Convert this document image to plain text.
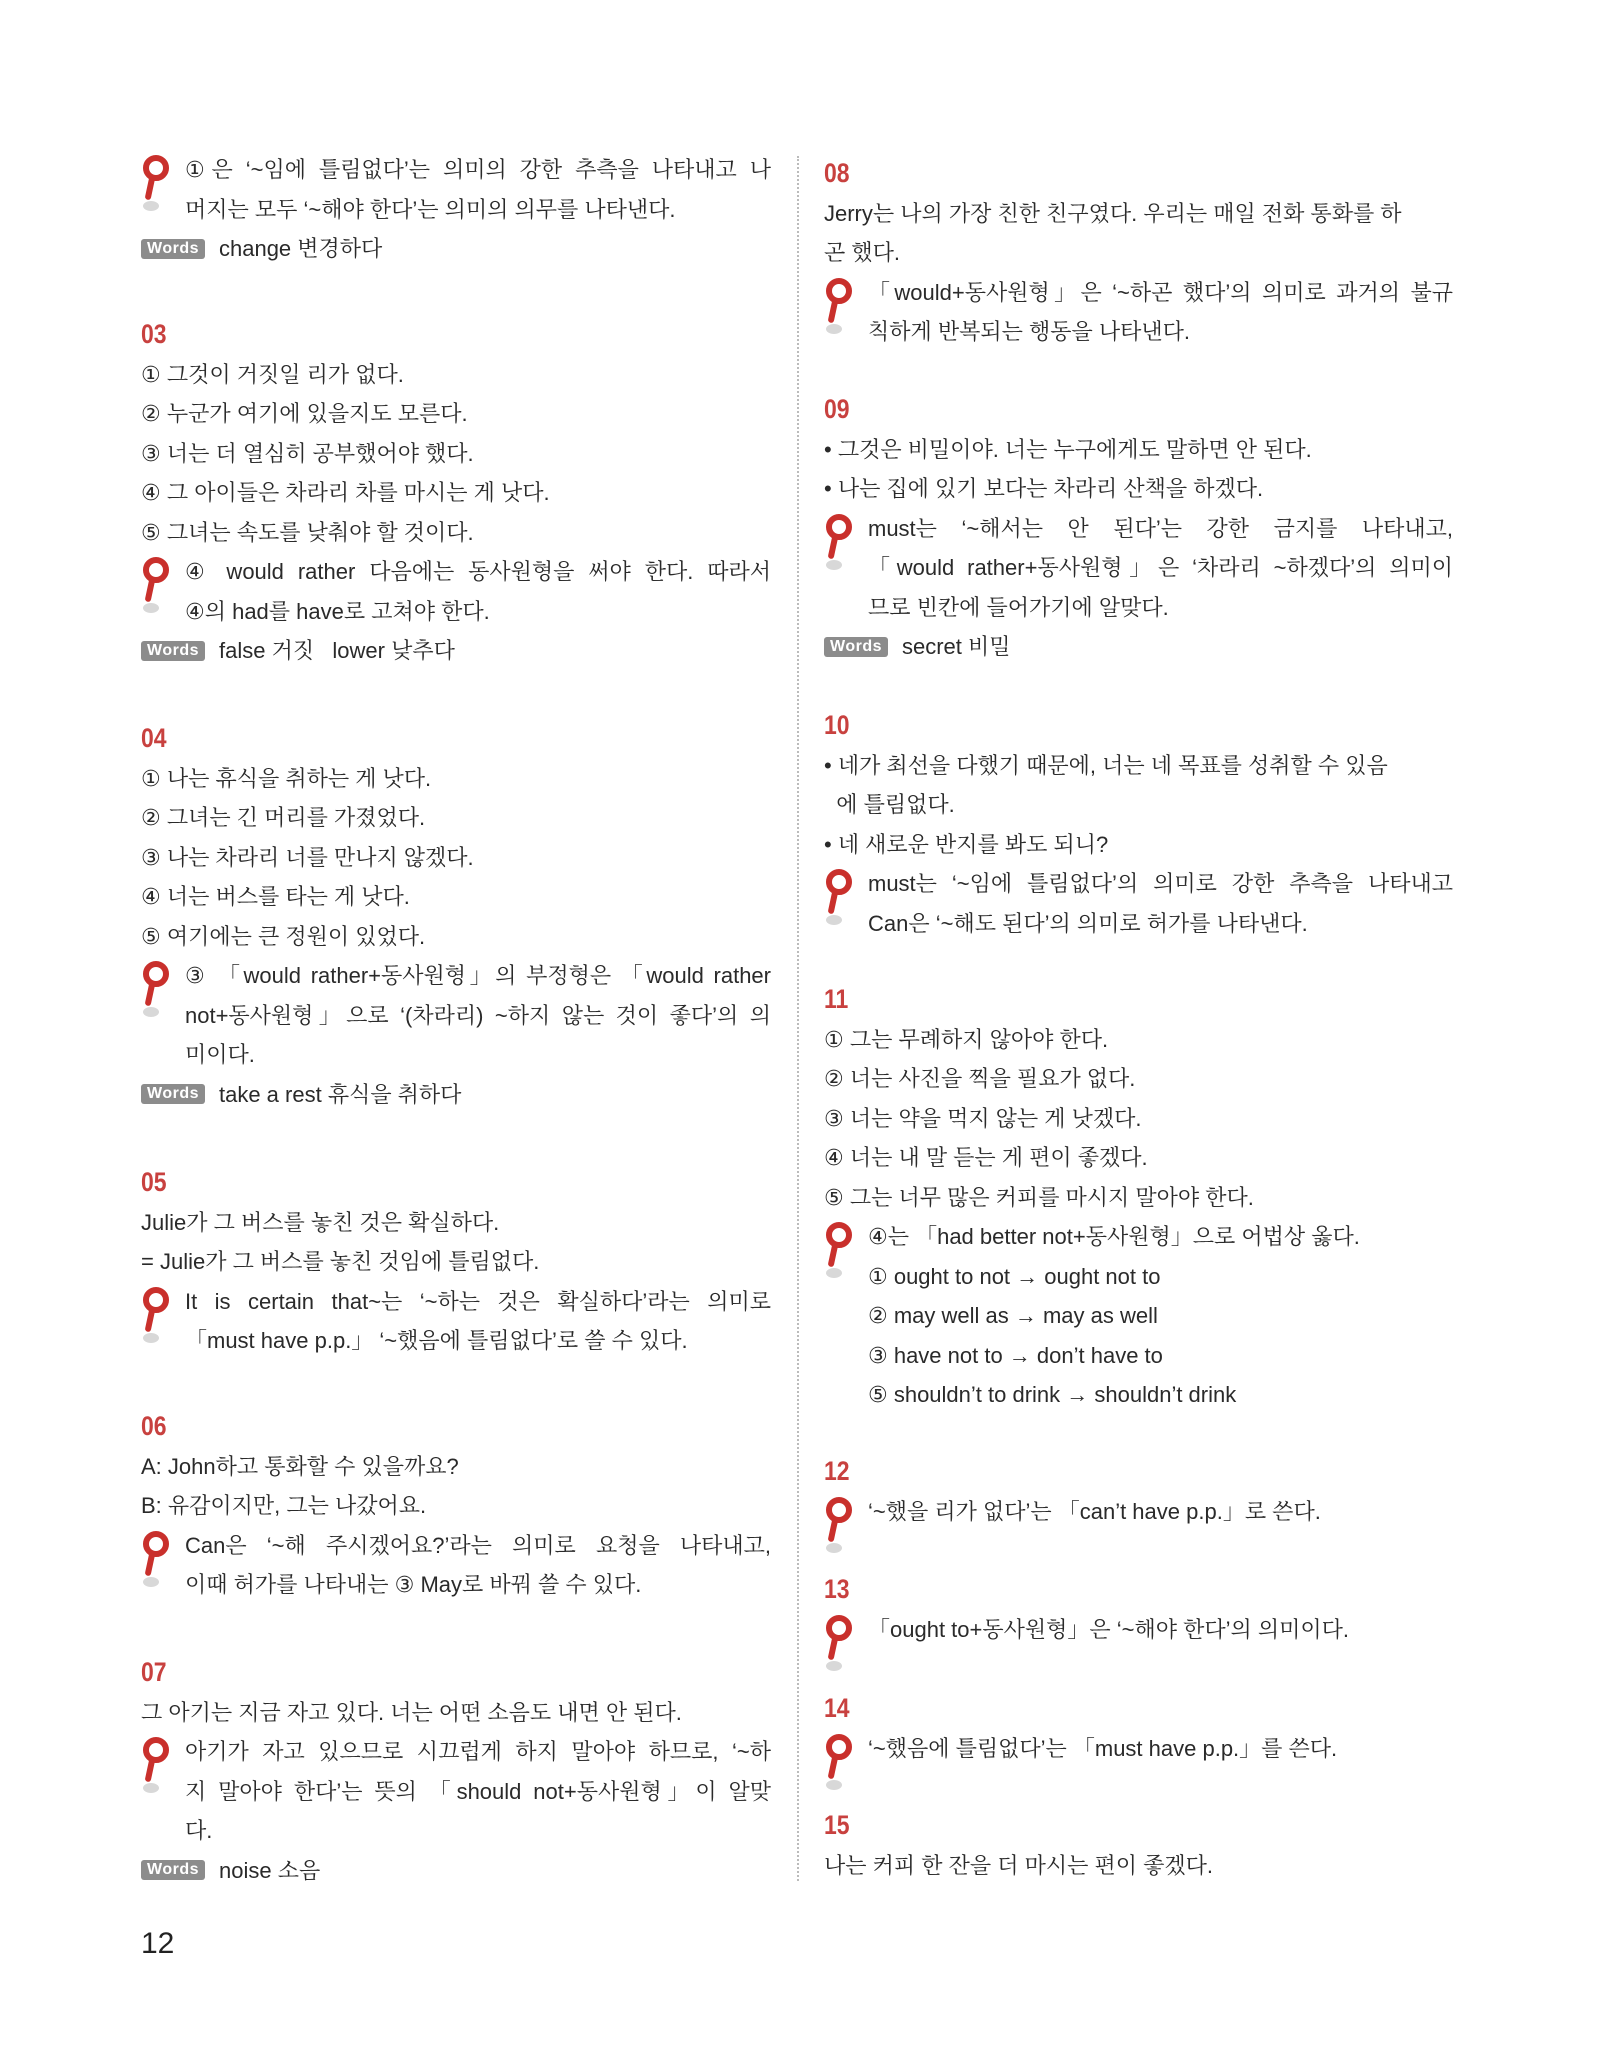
①은 ‘~임에 틀림없다’는 의미의 강한 추측을 나타내고 나
머지는 모두 ‘~해야 한다’는 의미의 의무를 나타낸다.
Words change 변경하다
03
① 그것이 거짓일 리가 없다.
② 누군가 여기에 있을지도 모른다.
③ 너는 더 열심히 공부했어야 했다.
④ 그 아이들은 차라리 차를 마시는 게 낫다.
⑤ 그녀는 속도를 낮춰야 할 것이다.
④ would rather 다음에는 동사원형을 써야 한다. 따라서
④의 had를 have로 고쳐야 한다.
Words false 거짓   lower 낮추다
04
① 나는 휴식을 취하는 게 낫다.
② 그녀는 긴 머리를 가졌었다.
③ 나는 차라리 너를 만나지 않겠다.
④ 너는 버스를 타는 게 낫다.
⑤ 여기에는 큰 정원이 있었다.
③ 「would rather+동사원형」의 부정형은 「would rather
not+동사원형」으로 ‘(차라리) ~하지 않는 것이 좋다’의 의
미이다.
Words take a rest 휴식을 취하다
05
Julie가 그 버스를 놓친 것은 확실하다.
= Julie가 그 버스를 놓친 것임에 틀림없다.
It is certain that~는 ‘~하는 것은 확실하다’라는 의미로
「must have p.p.」 ‘~했음에 틀림없다’로 쓸 수 있다.
06
A: John하고 통화할 수 있을까요?
B: 유감이지만, 그는 나갔어요.
Can은 ‘~해 주시겠어요?’라는 의미로 요청을 나타내고,
이때 허가를 나타내는 ③ May로 바꿔 쓸 수 있다.
07
그 아기는 지금 자고 있다. 너는 어떤 소음도 내면 안 된다.
아기가 자고 있으므로 시끄럽게 하지 말아야 하므로, ‘~하
지 말아야 한다’는 뜻의 「should not+동사원형」이 알맞
다.
Words noise 소음
08
Jerry는 나의 가장 친한 친구였다. 우리는 매일 전화 통화를 하
곤 했다.
「would+동사원형」은 ‘~하곤 했다’의 의미로 과거의 불규
칙하게 반복되는 행동을 나타낸다.
09
• 그것은 비밀이야. 너는 누구에게도 말하면 안 된다.
• 나는 집에 있기 보다는 차라리 산책을 하겠다.
must는 ‘~해서는 안 된다’는 강한 금지를 나타내고,
「would rather+동사원형」은 ‘차라리 ~하겠다’의 의미이
므로 빈칸에 들어가기에 알맞다.
Words secret 비밀
10
• 네가 최선을 다했기 때문에, 너는 네 목표를 성취할 수 있음
에 틀림없다.
• 네 새로운 반지를 봐도 되니?
must는 ‘~임에 틀림없다’의 의미로 강한 추측을 나타내고
Can은 ‘~해도 된다’의 의미로 허가를 나타낸다.
11
① 그는 무례하지 않아야 한다.
② 너는 사진을 찍을 필요가 없다.
③ 너는 약을 먹지 않는 게 낫겠다.
④ 너는 내 말 듣는 게 편이 좋겠다.
⑤ 그는 너무 많은 커피를 마시지 말아야 한다.
④는 「had better not+동사원형」으로 어법상 옳다.
① ought to not → ought not to
② may well as → may as well
③ have not to → don’t have to
⑤ shouldn’t to drink → shouldn’t drink
12
‘~했을 리가 없다’는 「can’t have p.p.」로 쓴다.
13
「ought to+동사원형」은 ‘~해야 한다’의 의미이다.
14
‘~했음에 틀림없다’는 「must have p.p.」를 쓴다.
15
나는 커피 한 잔을 더 마시는 편이 좋겠다.
12
